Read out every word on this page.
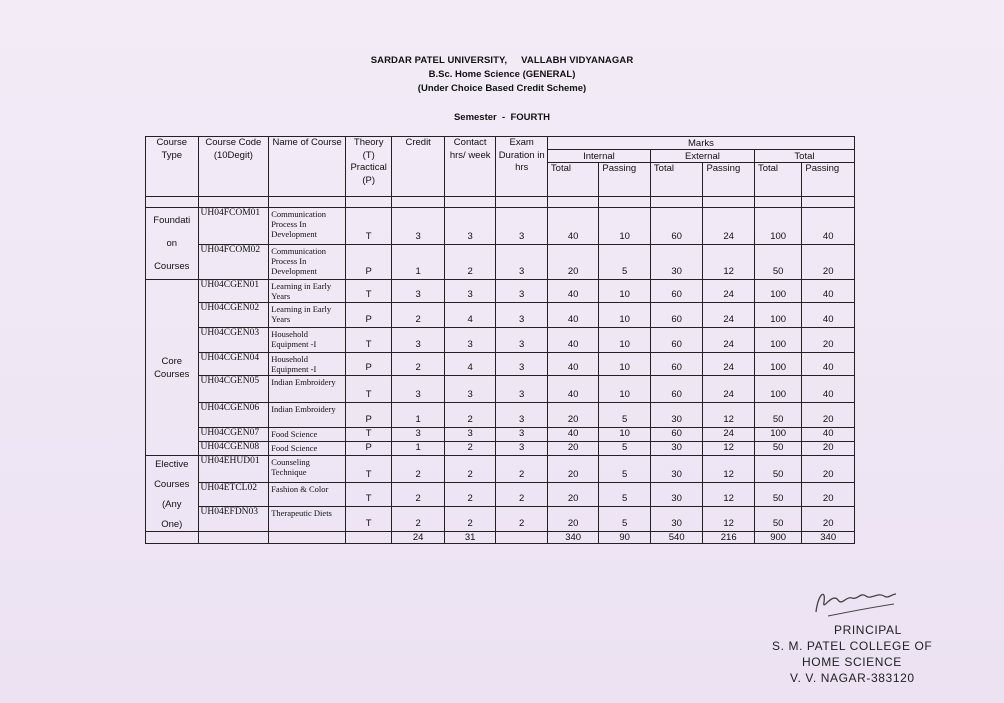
SARDAR PATEL UNIVERSITY, VALLABH VIDYANAGAR
B.Sc. Home Science (GENERAL)
(Under Choice Based Credit Scheme)
Semester  -  FOURTH
Course Type	Course Code (10Degit)	Name of Course	Theory (T) Practical (P)	Credit	Contact hrs/ week	Exam Duration in hrs	Marks					
							Internal		External		Total	
							Total	Passing	Total	Passing	Total	Passing

Foundati
on
Courses	UH04FCOM01	Communication Process In Development	T	3	3	3	40	10	60	24	100	40
	UH04FCOM02	Communication Process In Development	P	1	2	3	20	5	30	12	50	20
Core Courses	UH04CGEN01	Learning in Early Years	T	3	3	3	40	10	60	24	100	40
	UH04CGEN02	Learning in Early Years	P	2	4	3	40	10	60	24	100	40
	UH04CGEN03	Household Equipment -I	T	3	3	3	40	10	60	24	100	20
	UH04CGEN04	Household Equipment -I	P	2	4	3	40	10	60	24	100	40
	UH04CGEN05	Indian Embroidery	T	3	3	3	40	10	60	24	100	40
	UH04CGEN06	Indian Embroidery	P	1	2	3	20	5	30	12	50	20
	UH04CGEN07	Food Science	T	3	3	3	40	10	60	24	100	40
	UH04CGEN08	Food Science	P	1	2	3	20	5	30	12	50	20

Elective
Courses
(Any
One)	UH04EHUD01	Counseling Technique	T	2	2	2	20	5	30	12	50	20
	UH04ETCL02	Fashion & Color	T	2	2	2	20	5	30	12	50	20
	UH04EFDN03	Therapeutic Diets	T	2	2	2	20	5	30	12	50	20
				24	31		340	90	540	216	900	340
PRINCIPAL
S. M. PATEL COLLEGE OF
HOME SCIENCE
V. V. NAGAR-383120
